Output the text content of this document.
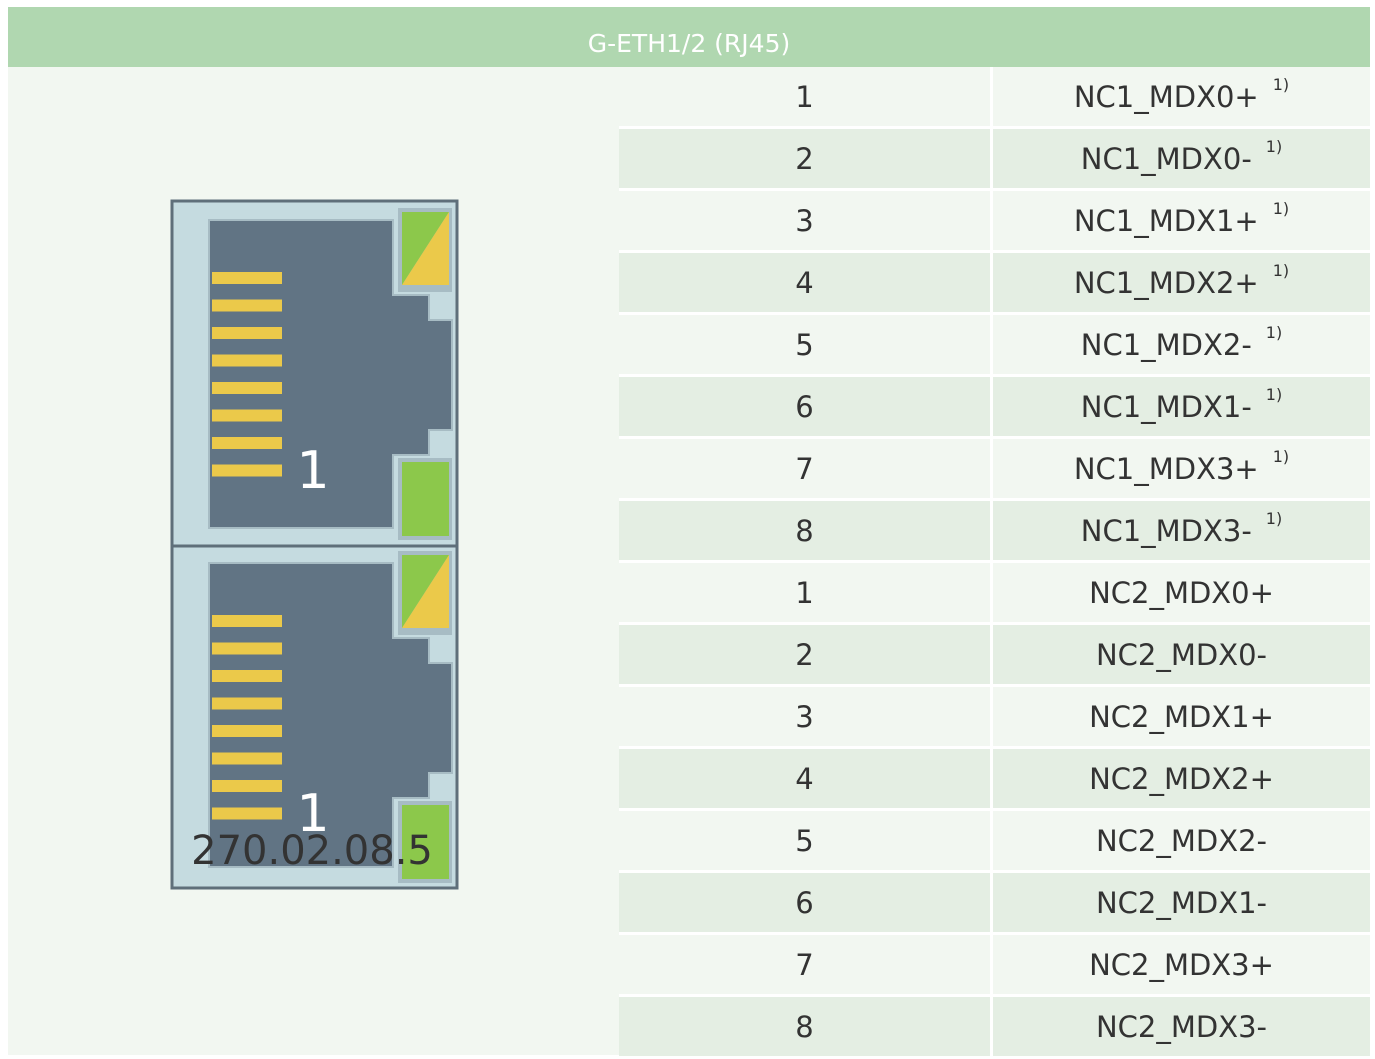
G-ETH1/2 (RJ45)
1
1
270.02.08.5
1	NC1_MDX0+ 1)
2	NC1_MDX0- 1)
3	NC1_MDX1+ 1)
4	NC1_MDX2+ 1)
5	NC1_MDX2- 1)
6	NC1_MDX1- 1)
7	NC1_MDX3+ 1)
8	NC1_MDX3- 1)
1	NC2_MDX0+
2	NC2_MDX0-
3	NC2_MDX1+
4	NC2_MDX2+
5	NC2_MDX2-
6	NC2_MDX1-
7	NC2_MDX3+
8	NC2_MDX3-
